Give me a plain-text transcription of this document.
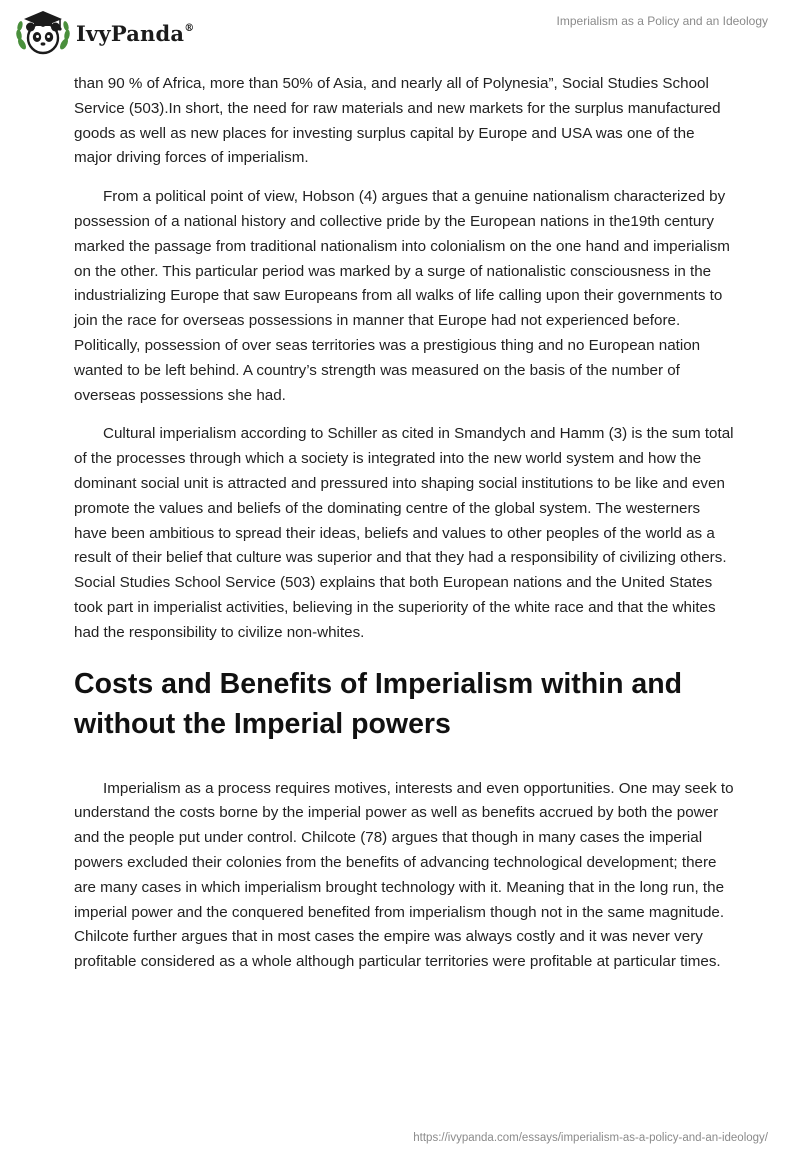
IvyPanda®	Imperialism as a Policy and an Ideology

than 90 % of Africa, more than 50% of Asia, and nearly all of Polynesia”, Social Studies School Service (503).In short, the need for raw materials and new markets for the surplus manufactured goods as well as new places for investing surplus capital by Europe and USA was one of the major driving forces of imperialism.

From a political point of view, Hobson (4) argues that a genuine nationalism characterized by possession of a national history and collective pride by the European nations in the19th century marked the passage from traditional nationalism into colonialism on the one hand and imperialism on the other. This particular period was marked by a surge of nationalistic consciousness in the industrializing Europe that saw Europeans from all walks of life calling upon their governments to join the race for overseas possessions in manner that Europe had not experienced before. Politically, possession of over seas territories was a prestigious thing and no European nation wanted to be left behind. A country’s strength was measured on the basis of the number of overseas possessions she had.

Cultural imperialism according to Schiller as cited in Smandych and Hamm (3) is the sum total of the processes through which a society is integrated into the new world system and how the dominant social unit is attracted and pressured into shaping social institutions to be like and even promote the values and beliefs of the dominating centre of the global system. The westerners have been ambitious to spread their ideas, beliefs and values to other peoples of the world as a result of their belief that culture was superior and that they had a responsibility of civilizing others. Social Studies School Service (503) explains that both European nations and the United States took part in imperialist activities, believing in the superiority of the white race and that the whites had the responsibility to civilize non-whites.

Costs and Benefits of Imperialism within and without the Imperial powers

Imperialism as a process requires motives, interests and even opportunities. One may seek to understand the costs borne by the imperial power as well as benefits accrued by both the power and the people put under control. Chilcote (78) argues that though in many cases the imperial powers excluded their colonies from the benefits of advancing technological development; there are many cases in which imperialism brought technology with it. Meaning that in the long run, the imperial power and the conquered benefited from imperialism though not in the same magnitude. Chilcote further argues that in most cases the empire was always costly and it was never very profitable considered as a whole although particular territories were profitable at particular times.

https://ivypanda.com/essays/imperialism-as-a-policy-and-an-ideology/
